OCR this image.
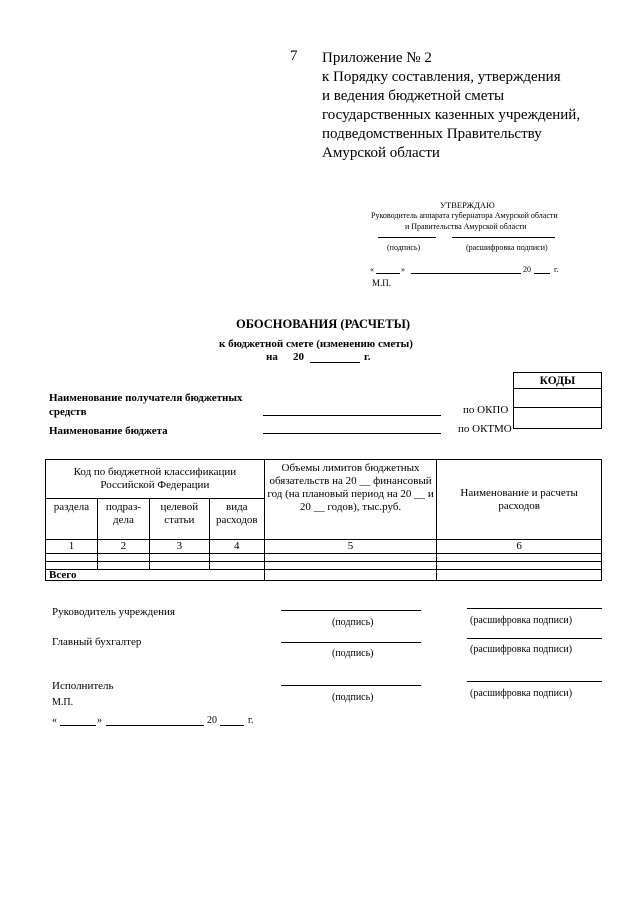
7 Приложение № 2
к Порядку составления, утверждения
и ведения бюджетной сметы
государственных казенных учреждений,
подведомственных Правительству
Амурской области
УТВЕРЖДАЮ
Руководитель аппарата губернатора Амурской области
и Правительства Амурской области
(подпись)	(расшифровка подписи)
«	»	20	г.
М.П.
ОБОСНОВАНИЯ (РАСЧЕТЫ)
к бюджетной смете (изменению сметы)
на 20	г.
Наименование получателя бюджетных
средств
Наименование бюджета
по ОКПО
по ОКТМО
КОДЫ

Код по бюджетной классификации Российской Федерации				Объемы лимитов бюджетных обязательств на 20 __ финансовый год (на плановый период на 20 __ и 20 __ годов), тыс.руб.	Наименование и расчеты расходов
раздела	подраз-дела	целевой статьи	вида расходов		
1	2	3	4	5	6

Всего					
Руководитель учреждения
(подпись)	(расшифровка подписи)
Главный бухгалтер
(подпись)	(расшифровка подписи)
Исполнитель
(подпись)	(расшифровка подписи)
М.П.
«	»	20	г.
